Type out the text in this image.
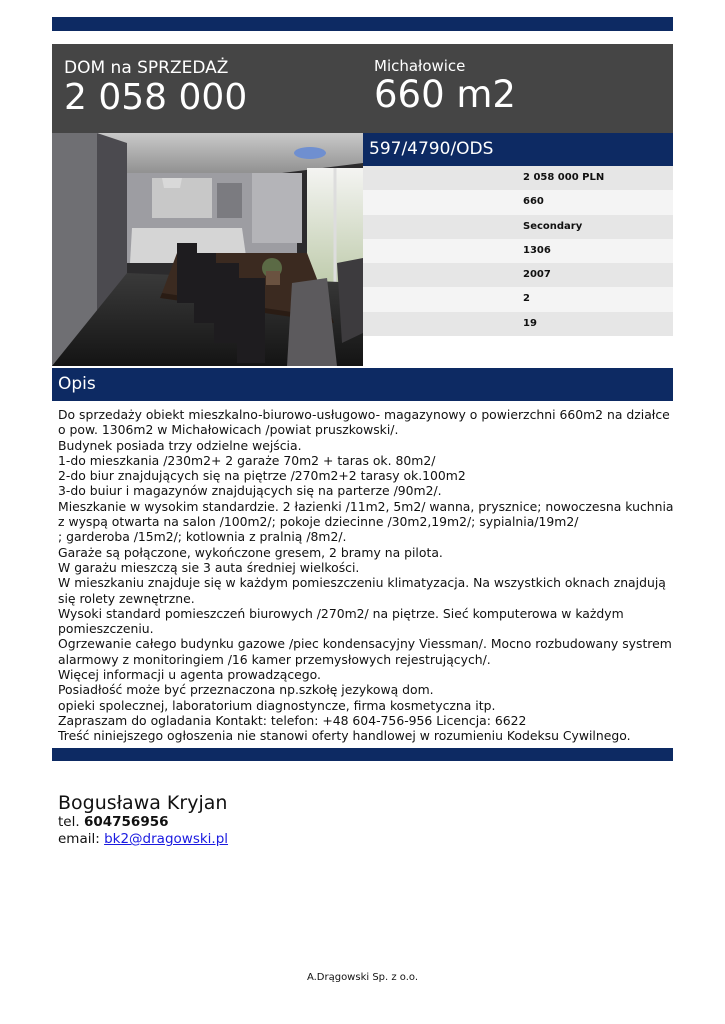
DOM na SPRZEDAŻ
2 058 000
Michałowice
660 m2
597/4790/ODS
2 058 000 PLN
660
Secondary
1306
2007
2
19
Opis
Do sprzedaży obiekt mieszkalno-biurowo-usługowo- magazynowy o powierzchni 660m2 na działce
o pow. 1306m2 w Michałowicach /powiat pruszkowski/.
Budynek posiada trzy odzielne wejścia.
1-do mieszkania /230m2+ 2 garaże 70m2 + taras ok. 80m2/
2-do biur znajdujących się na piętrze /270m2+2 tarasy ok.100m2
3-do buiur i magazynów znajdujących się na parterze /90m2/.
Mieszkanie w wysokim standardzie. 2 łazienki /11m2, 5m2/ wanna, prysznice; nowoczesna kuchnia
z wyspą otwarta na salon /100m2/; pokoje dziecinne /30m2,19m2/; sypialnia/19m2/
; garderoba /15m2/; kotlownia z pralnią /8m2/.
Garaże są połączone, wykończone gresem, 2 bramy na pilota.
W garażu mieszczą sie 3 auta średniej wielkości.
W mieszkaniu znajduje się w każdym pomieszczeniu klimatyzacja. Na wszystkich oknach znajdują
się rolety zewnętrzne.
Wysoki standard pomieszczeń biurowych /270m2/ na piętrze. Sieć komputerowa w każdym
pomieszczeniu.
Ogrzewanie całego budynku gazowe /piec kondensacyjny Viessman/. Mocno rozbudowany systrem
alarmowy z monitoringiem /16 kamer przemysłowych rejestrujących/.
Więcej informacji u agenta prowadzącego.
Posiadłość może być przeznaczona np.szkołę jezykową dom.
opieki spolecznej, laboratorium diagnostyncze, firma kosmetyczna itp.
Zapraszam do ogladania Kontakt: telefon: +48 604-756-956 Licencja: 6622
Treść niniejszego ogłoszenia nie stanowi oferty handlowej w rozumieniu Kodeksu Cywilnego.
Bogusława Kryjan
tel. 604756956
email: bk2@dragowski.pl
A.Drągowski Sp. z o.o.
